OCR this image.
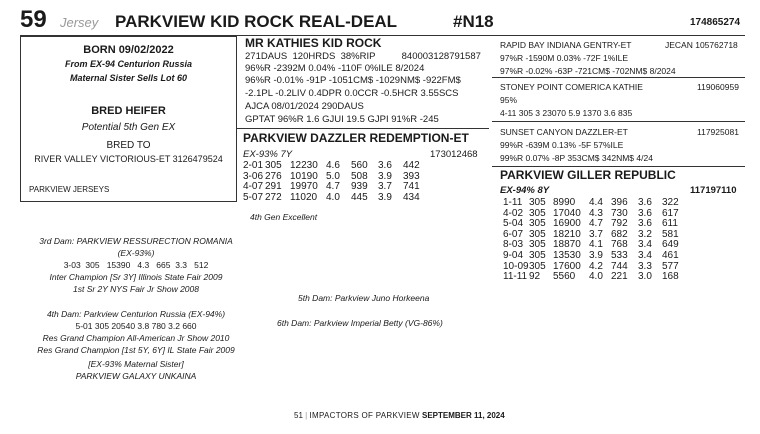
59 Jersey PARKVIEW KID ROCK REAL-DEAL	#N18	174865274
BORN 09/02/2022
From EX-94 Centurion Russia
Maternal Sister Sells Lot 60
BRED HEIFER
Potential 5th Gen EX
BRED TO
RIVER VALLEY VICTORIOUS-ET 3126479524
PARKVIEW JERSEYS
MR KATHIES KID ROCK
271DAUS  120HRDS  38%RIP          840003128791587
96%R -2392M 0.04% -110F 0%ILE 8/2024
96%R -0.01% -91P -1051CM$ -1029NM$ -922FM$
-2.1PL -0.2LIV 0.4DPR 0.0CCR -0.5HCR 3.55SCS
AJCA 08/01/2024 290DAUS
GPTAT 96%R 1.6 GJUI 19.5 GJPI 91%R -245
PARKVIEW DAZZLER REDEMPTION-ET
EX-93% 7Y	173012468
2-01	305	12230	4.6	560	3.6	442
3-06	276	10190	5.0	508	3.9	393
4-07	291	19970	4.7	939	3.7	741
5-07	272	11020	4.0	445	3.9	434
4th Gen Excellent
RAPID BAY INDIANA GENTRY-ET	JECAN 105762718
97%R -1590M 0.03% -72F 1%ILE
97%R -0.02% -63P -721CM$ -702NM$ 8/2024
STONEY POINT COMERICA KATHIE	119060959
95%
4-11 305 3 23070 5.9 1370 3.6 835
SUNSET CANYON DAZZLER-ET	117925081
99%R -639M 0.13% -5F 57%ILE
99%R 0.07% -8P 353CM$ 342NM$ 4/24
PARKVIEW GILLER REPUBLIC
EX-94% 8Y	117197110
1-11	305	8990	4.4	396	3.6	322
4-02	305	17040	4.3	730	3.6	617
5-04	305	16900	4.7	792	3.6	611
6-07	305	18210	3.7	682	3.2	581
8-03	305	18870	4.1	768	3.4	649
9-04	305	13530	3.9	533	3.4	461
10-09	305	17600	4.2	744	3.3	577
11-11	92	5560	4.0	221	3.0	168
3rd Dam: PARKVIEW RESSURECTION ROMANIA
(EX-93%)
3-03  305   15390   4.3   665  3.3   512
Inter Champion [Sr 3Y] Illinois State Fair 2009
1st Sr 2Y NYS Fair Jr Show 2008
4th Dam: Parkview Centurion Russia (EX-94%)
5-01 305 20540 3.8 780 3.2 660
Res Grand Champion All-American Jr Show 2010
Res Grand Champion [1st 5Y, 6Y] IL State Fair 2009
[EX-93% Maternal Sister]
PARKVIEW GALAXY UNKAINA
5th Dam: Parkview Juno Horkeena
6th Dam: Parkview Imperial Betty (VG-86%)
51 | IMPACTORS OF PARKVIEW SEPTEMBER 11, 2024
